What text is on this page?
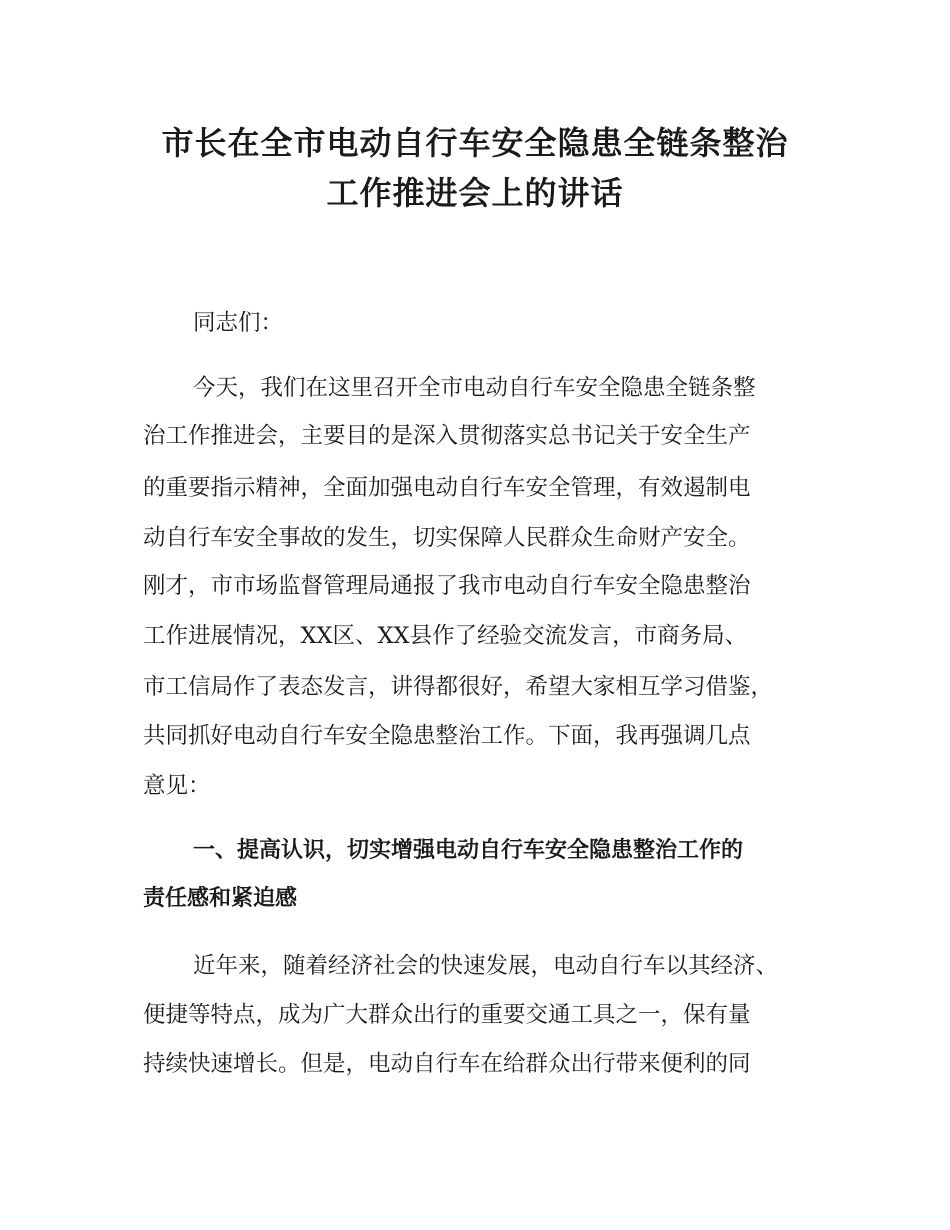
市长在全市电动自行车安全隐患全链条整治
工作推进会上的讲话

同志们：

今天，我们在这里召开全市电动自行车安全隐患全链条整

治工作推进会，主要目的是深入贯彻落实总书记关于安全生产

的重要指示精神，全面加强电动自行车安全管理，有效遏制电

动自行车安全事故的发生，切实保障人民群众生命财产安全。

刚才，市市场监督管理局通报了我市电动自行车安全隐患整治

工作进展情况，XX区、XX县作了经验交流发言，市商务局、

市工信局作了表态发言，讲得都很好，希望大家相互学习借鉴，

共同抓好电动自行车安全隐患整治工作。下面，我再强调几点

意见：

一、提高认识，切实增强电动自行车安全隐患整治工作的

责任感和紧迫感

近年来，随着经济社会的快速发展，电动自行车以其经济、

便捷等特点，成为广大群众出行的重要交通工具之一，保有量

持续快速增长。但是，电动自行车在给群众出行带来便利的同
